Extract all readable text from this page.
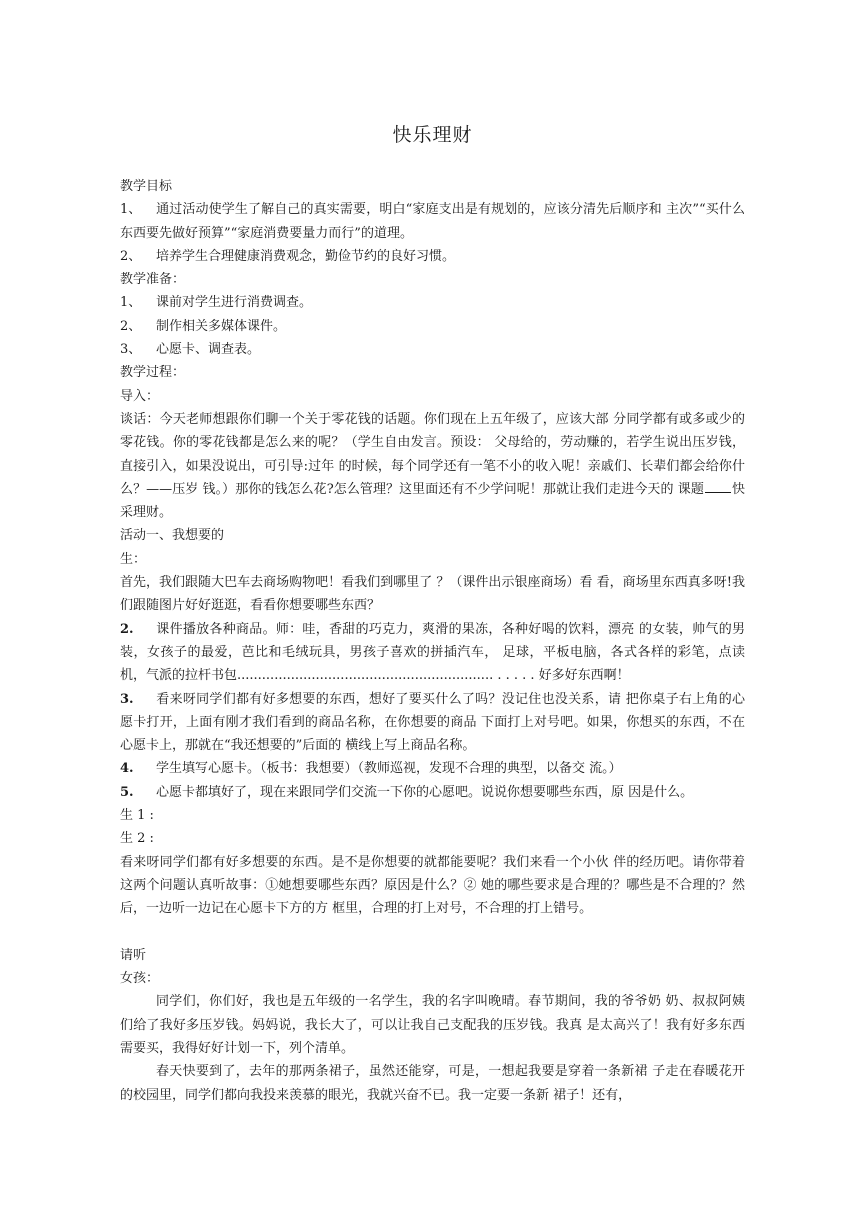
快乐理财

教学目标

1、 通过活动使学生了解自己的真实需要，明白“家庭支出是有规划的，应该分清先后顺序和 主次”“买什么东西要先做好预算”“家庭消费要量力而行”的道理。

2、 培养学生合理健康消费观念，勤俭节约的良好习惯。

教学准备：

1、 课前对学生进行消费调查。

2、 制作相关多媒体课件。

3、 心愿卡、调查表。

教学过程：

导入：

谈话：今天老师想跟你们聊一个关于零花钱的话题。你们现在上五年级了，应该大部 分同学都有或多或少的零花钱。你的零花钱都是怎么来的呢？（学生自由发言。预设： 父母给的，劳动赚的，若学生说出压岁钱，直接引入，如果没说出，可引导:过年 的时候，每个同学还有一笔不小的收入呢！亲戚们、长辈们都会给你什么？——压岁 钱。）那你的钱怎么花?怎么管理？这里面还有不少学问呢！那就让我们走进今天的 课题 快采理财。

活动一、我想要的

生：

首先，我们跟随大巴车去商场购物吧！看我们到哪里了 ？（课件出示银座商场）看 看，商场里东西真多呀!我们跟随图片好好逛逛，看看你想要哪些东西？

2. 课件播放各种商品。师：哇，香甜的巧克力，爽滑的果冻，各种好喝的饮料，漂亮 的女装，帅气的男装，女孩子的最爱，芭比和毛绒玩具，男孩子喜欢的拼插汽车， 足球，平板电脑，各式各样的彩笔，点读机，气派的拉杆书包.............................................................. . . . . . 好多好东西啊！

3. 看来呀同学们都有好多想要的东西，想好了要买什么了吗？没记住也没关系，请 把你桌子右上角的心愿卡打开，上面有刚才我们看到的商品名称，在你想要的商品 下面打上对号吧。如果，你想买的东西，不在心愿卡上，那就在“我还想要的”后面的 横线上写上商品名称。

4. 学生填写心愿卡。（板书：我想要）（教师巡视，发现不合理的典型，以备交 流。）

5. 心愿卡都填好了，现在来跟同学们交流一下你的心愿吧。说说你想要哪些东西，原 因是什么。

生 1 :

生 2 :

看来呀同学们都有好多想要的东西。是不是你想要的就都能要呢？我们来看一个小伙 伴的经历吧。请你带着这两个问题认真听故事：①她想要哪些东西？原因是什么？② 她的哪些要求是合理的？哪些是不合理的？然后，一边听一边记在心愿卡下方的方 框里，合理的打上对号，不合理的打上错号。

请听

女孩：

同学们，你们好，我也是五年级的一名学生，我的名字叫晚晴。春节期间，我的爷爷奶 奶、叔叔阿姨们给了我好多压岁钱。妈妈说，我长大了，可以让我自己支配我的压岁钱。我真 是太高兴了！我有好多东西需要买，我得好好计划一下，列个清单。

春天快要到了，去年的那两条裙子，虽然还能穿，可是，一想起我要是穿着一条新裙 子走在春暖花开的校园里，同学们都向我投来羡慕的眼光，我就兴奋不已。我一定要一条新 裙子！还有，
